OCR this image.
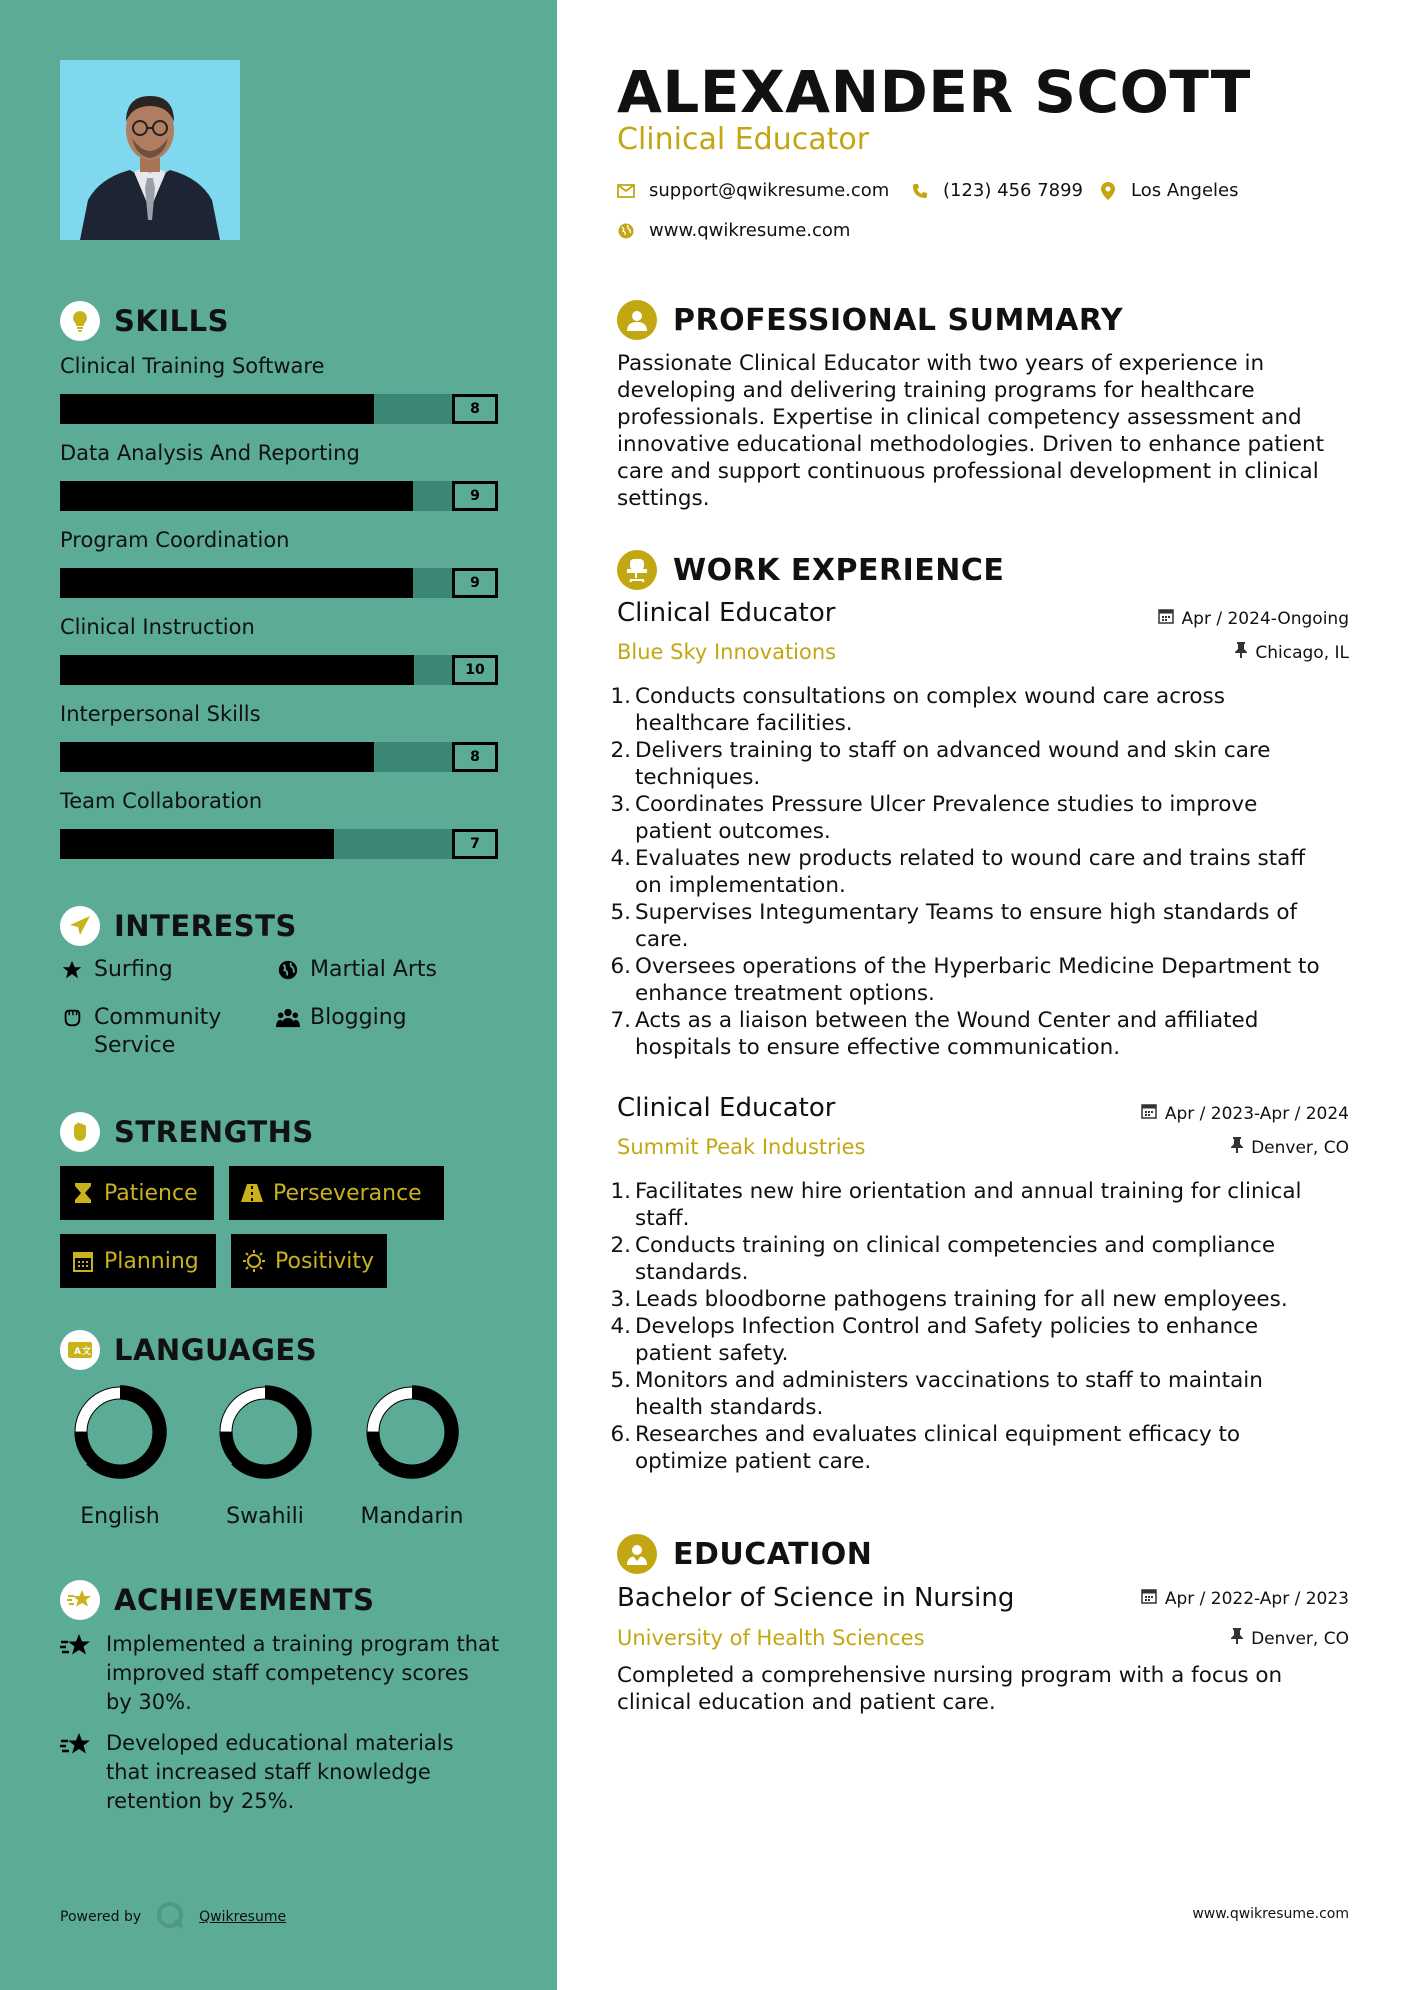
SKILLS
Clinical Training Software
8
Data Analysis And Reporting
9
Program Coordination
9
Clinical Instruction
10
Interpersonal Skills
8
Team Collaboration
7
INTERESTS
Surfing	Martial Arts
Community Service
Blogging
STRENGTHS
Patience	Perseverance
Planning	Positivity
A 文 LANGUAGES
English	Swahili	Mandarin
ACHIEVEMENTS
Implemented a training program that improved staff competency scores by 30%.
Developed educational materials that increased staff knowledge retention by 25%.
Powered by	Qwikresume
ALEXANDER SCOTT
Clinical Educator
support@qwikresume.com	(123) 456 7899	Los Angeles
www.qwikresume.com
PROFESSIONAL SUMMARY
Passionate Clinical Educator with two years of experience in developing and delivering training programs for healthcare professionals. Expertise in clinical competency assessment and innovative educational methodologies. Driven to enhance patient care and support continuous professional development in clinical settings.
WORK EXPERIENCE
Clinical Educator	Apr / 2024-Ongoing
Blue Sky Innovations	Chicago, IL
1. Conducts consultations on complex wound care across
healthcare facilities.
2. Delivers training to staff on advanced wound and skin care
techniques.
3. Coordinates Pressure Ulcer Prevalence studies to improve
patient outcomes.
4. Evaluates new products related to wound care and trains staff
on implementation.
5. Supervises Integumentary Teams to ensure high standards of
care.
6. Oversees operations of the Hyperbaric Medicine Department to
enhance treatment options.
7. Acts as a liaison between the Wound Center and affiliated
hospitals to ensure effective communication.
Clinical Educator	Apr / 2023-Apr / 2024
Summit Peak Industries	Denver, CO
1. Facilitates new hire orientation and annual training for clinical
staff.
2. Conducts training on clinical competencies and compliance
standards.
3. Leads bloodborne pathogens training for all new employees.
4. Develops Infection Control and Safety policies to enhance
patient safety.
5. Monitors and administers vaccinations to staff to maintain
health standards.
6. Researches and evaluates clinical equipment efficacy to
optimize patient care.
EDUCATION
Bachelor of Science in Nursing	Apr / 2022-Apr / 2023
University of Health Sciences	Denver, CO
Completed a comprehensive nursing program with a focus on clinical education and patient care.
www.qwikresume.com
